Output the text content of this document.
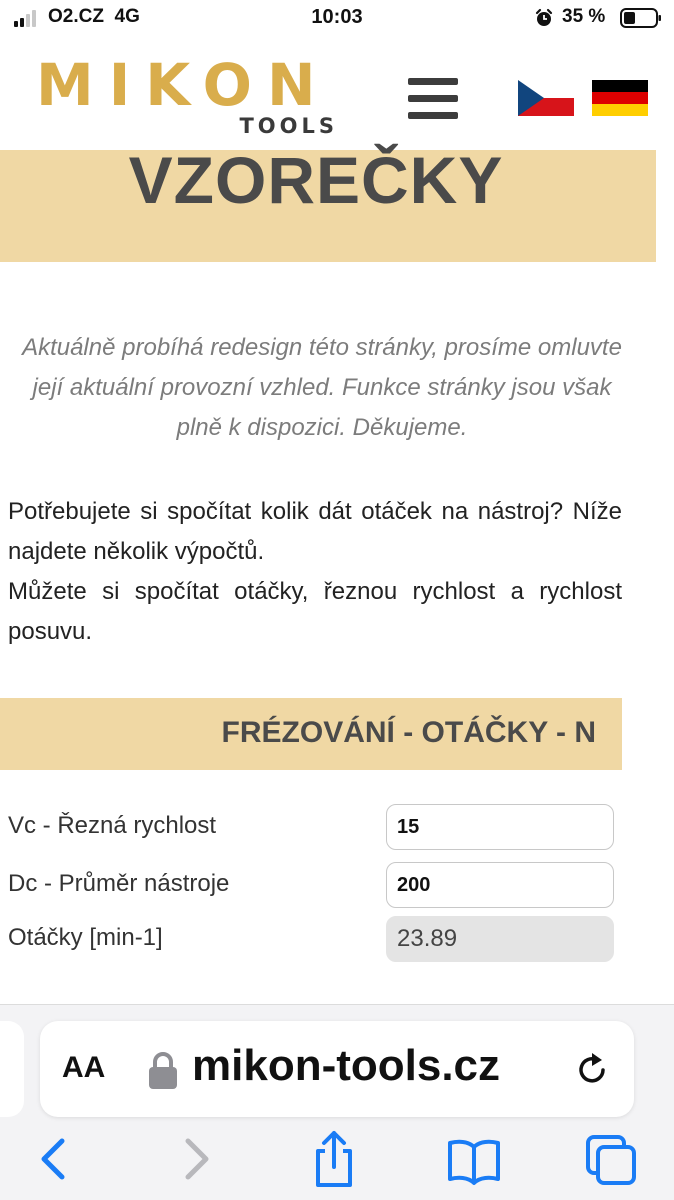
O2.CZ 4G	10:03	35 %
MIKON
TOOLS
VZOREČKY

Aktuálně probíhá redesign této stránky, prosíme omluvte její aktuální provozní vzhled. Funkce stránky jsou však plně k dispozici. Děkujeme.

Potřebujete si spočítat kolik dát otáček na nástroj? Níže najdete několik výpočtů.

Můžete si spočítat otáčky, řeznou rychlost a rychlost posuvu.

FRÉZOVÁNÍ - OTÁČKY - N
Vc - Řezná rychlost	15
Dc - Průměr nástroje	200
Otáčky [min-1]	23.89
AA mikon-tools.cz
